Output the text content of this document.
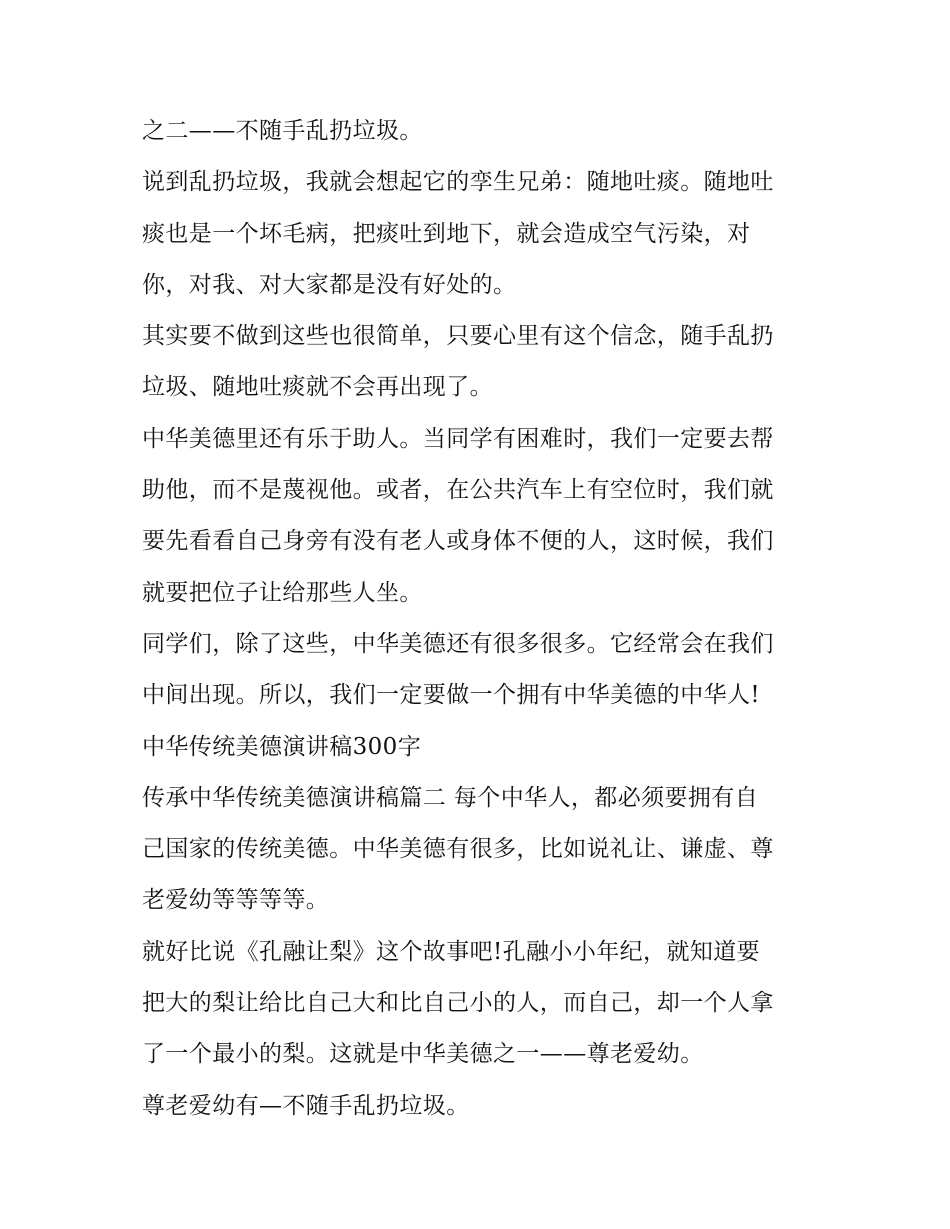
之二——不随手乱扔垃圾。
说到乱扔垃圾，我就会想起它的孪生兄弟：随地吐痰。随地吐
痰也是一个坏毛病，把痰吐到地下，就会造成空气污染，对
你，对我、对大家都是没有好处的。
其实要不做到这些也很简单，只要心里有这个信念，随手乱扔
垃圾、随地吐痰就不会再出现了。
中华美德里还有乐于助人。当同学有困难时，我们一定要去帮
助他，而不是蔑视他。或者，在公共汽车上有空位时，我们就
要先看看自己身旁有没有老人或身体不便的人，这时候，我们
就要把位子让给那些人坐。
同学们，除了这些，中华美德还有很多很多。它经常会在我们
中间出现。所以，我们一定要做一个拥有中华美德的中华人!
中华传统美德演讲稿300字
传承中华传统美德演讲稿篇二 每个中华人，都必须要拥有自
己国家的传统美德。中华美德有很多，比如说礼让、谦虚、尊
老爱幼等等等等。
就好比说《孔融让梨》这个故事吧!孔融小小年纪，就知道要
把大的梨让给比自己大和比自己小的人，而自己，却一个人拿
了一个最小的梨。这就是中华美德之一——尊老爱幼。
尊老爱幼有—不随手乱扔垃圾。
